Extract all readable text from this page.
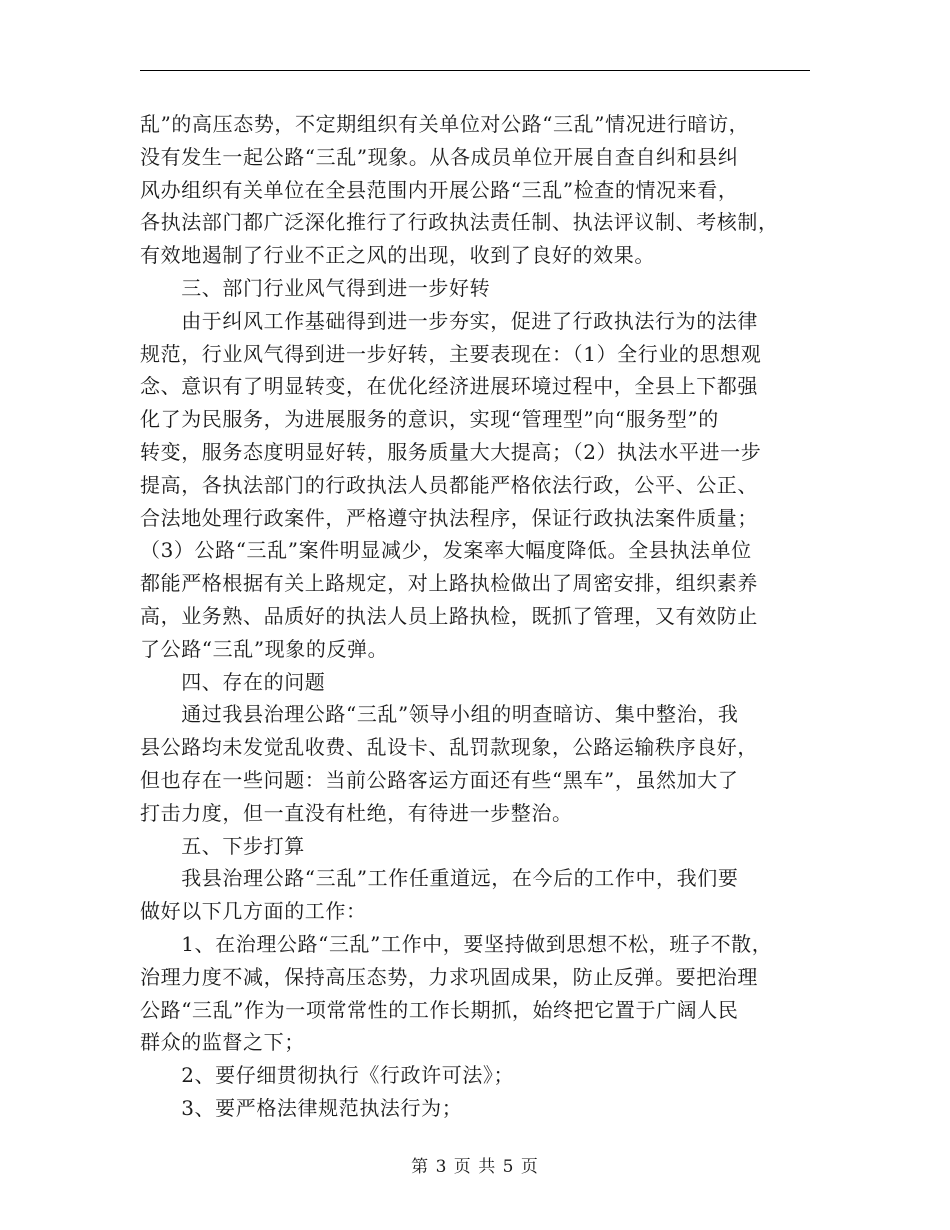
乱”的高压态势，不定期组织有关单位对公路“三乱”情况进行暗访，
没有发生一起公路“三乱”现象。从各成员单位开展自查自纠和县纠
风办组织有关单位在全县范围内开展公路“三乱”检查的情况来看，
各执法部门都广泛深化推行了行政执法责任制、执法评议制、考核制，
有效地遏制了行业不正之风的出现，收到了良好的效果。
　　三、部门行业风气得到进一步好转
　　由于纠风工作基础得到进一步夯实，促进了行政执法行为的法律
规范，行业风气得到进一步好转，主要表现在：（1）全行业的思想观
念、意识有了明显转变，在优化经济进展环境过程中，全县上下都强
化了为民服务，为进展服务的意识，实现“管理型”向“服务型”的
转变，服务态度明显好转，服务质量大大提高；（2）执法水平进一步
提高，各执法部门的行政执法人员都能严格依法行政，公平、公正、
合法地处理行政案件，严格遵守执法程序，保证行政执法案件质量；
（3）公路“三乱”案件明显减少，发案率大幅度降低。全县执法单位
都能严格根据有关上路规定，对上路执检做出了周密安排，组织素养
高，业务熟、品质好的执法人员上路执检，既抓了管理，又有效防止
了公路“三乱”现象的反弹。
　　四、存在的问题
　　通过我县治理公路“三乱”领导小组的明查暗访、集中整治，我
县公路均未发觉乱收费、乱设卡、乱罚款现象，公路运输秩序良好，
但也存在一些问题：当前公路客运方面还有些“黑车”，虽然加大了
打击力度，但一直没有杜绝，有待进一步整治。
　　五、下步打算
　　我县治理公路“三乱”工作任重道远，在今后的工作中，我们要
做好以下几方面的工作：
　　1、在治理公路“三乱”工作中，要坚持做到思想不松，班子不散，
治理力度不减，保持高压态势，力求巩固成果，防止反弹。要把治理
公路“三乱”作为一项常常性的工作长期抓，始终把它置于广阔人民
群众的监督之下；
　　2、要仔细贯彻执行《行政许可法》；
　　3、要严格法律规范执法行为；
第 3 页 共 5 页
